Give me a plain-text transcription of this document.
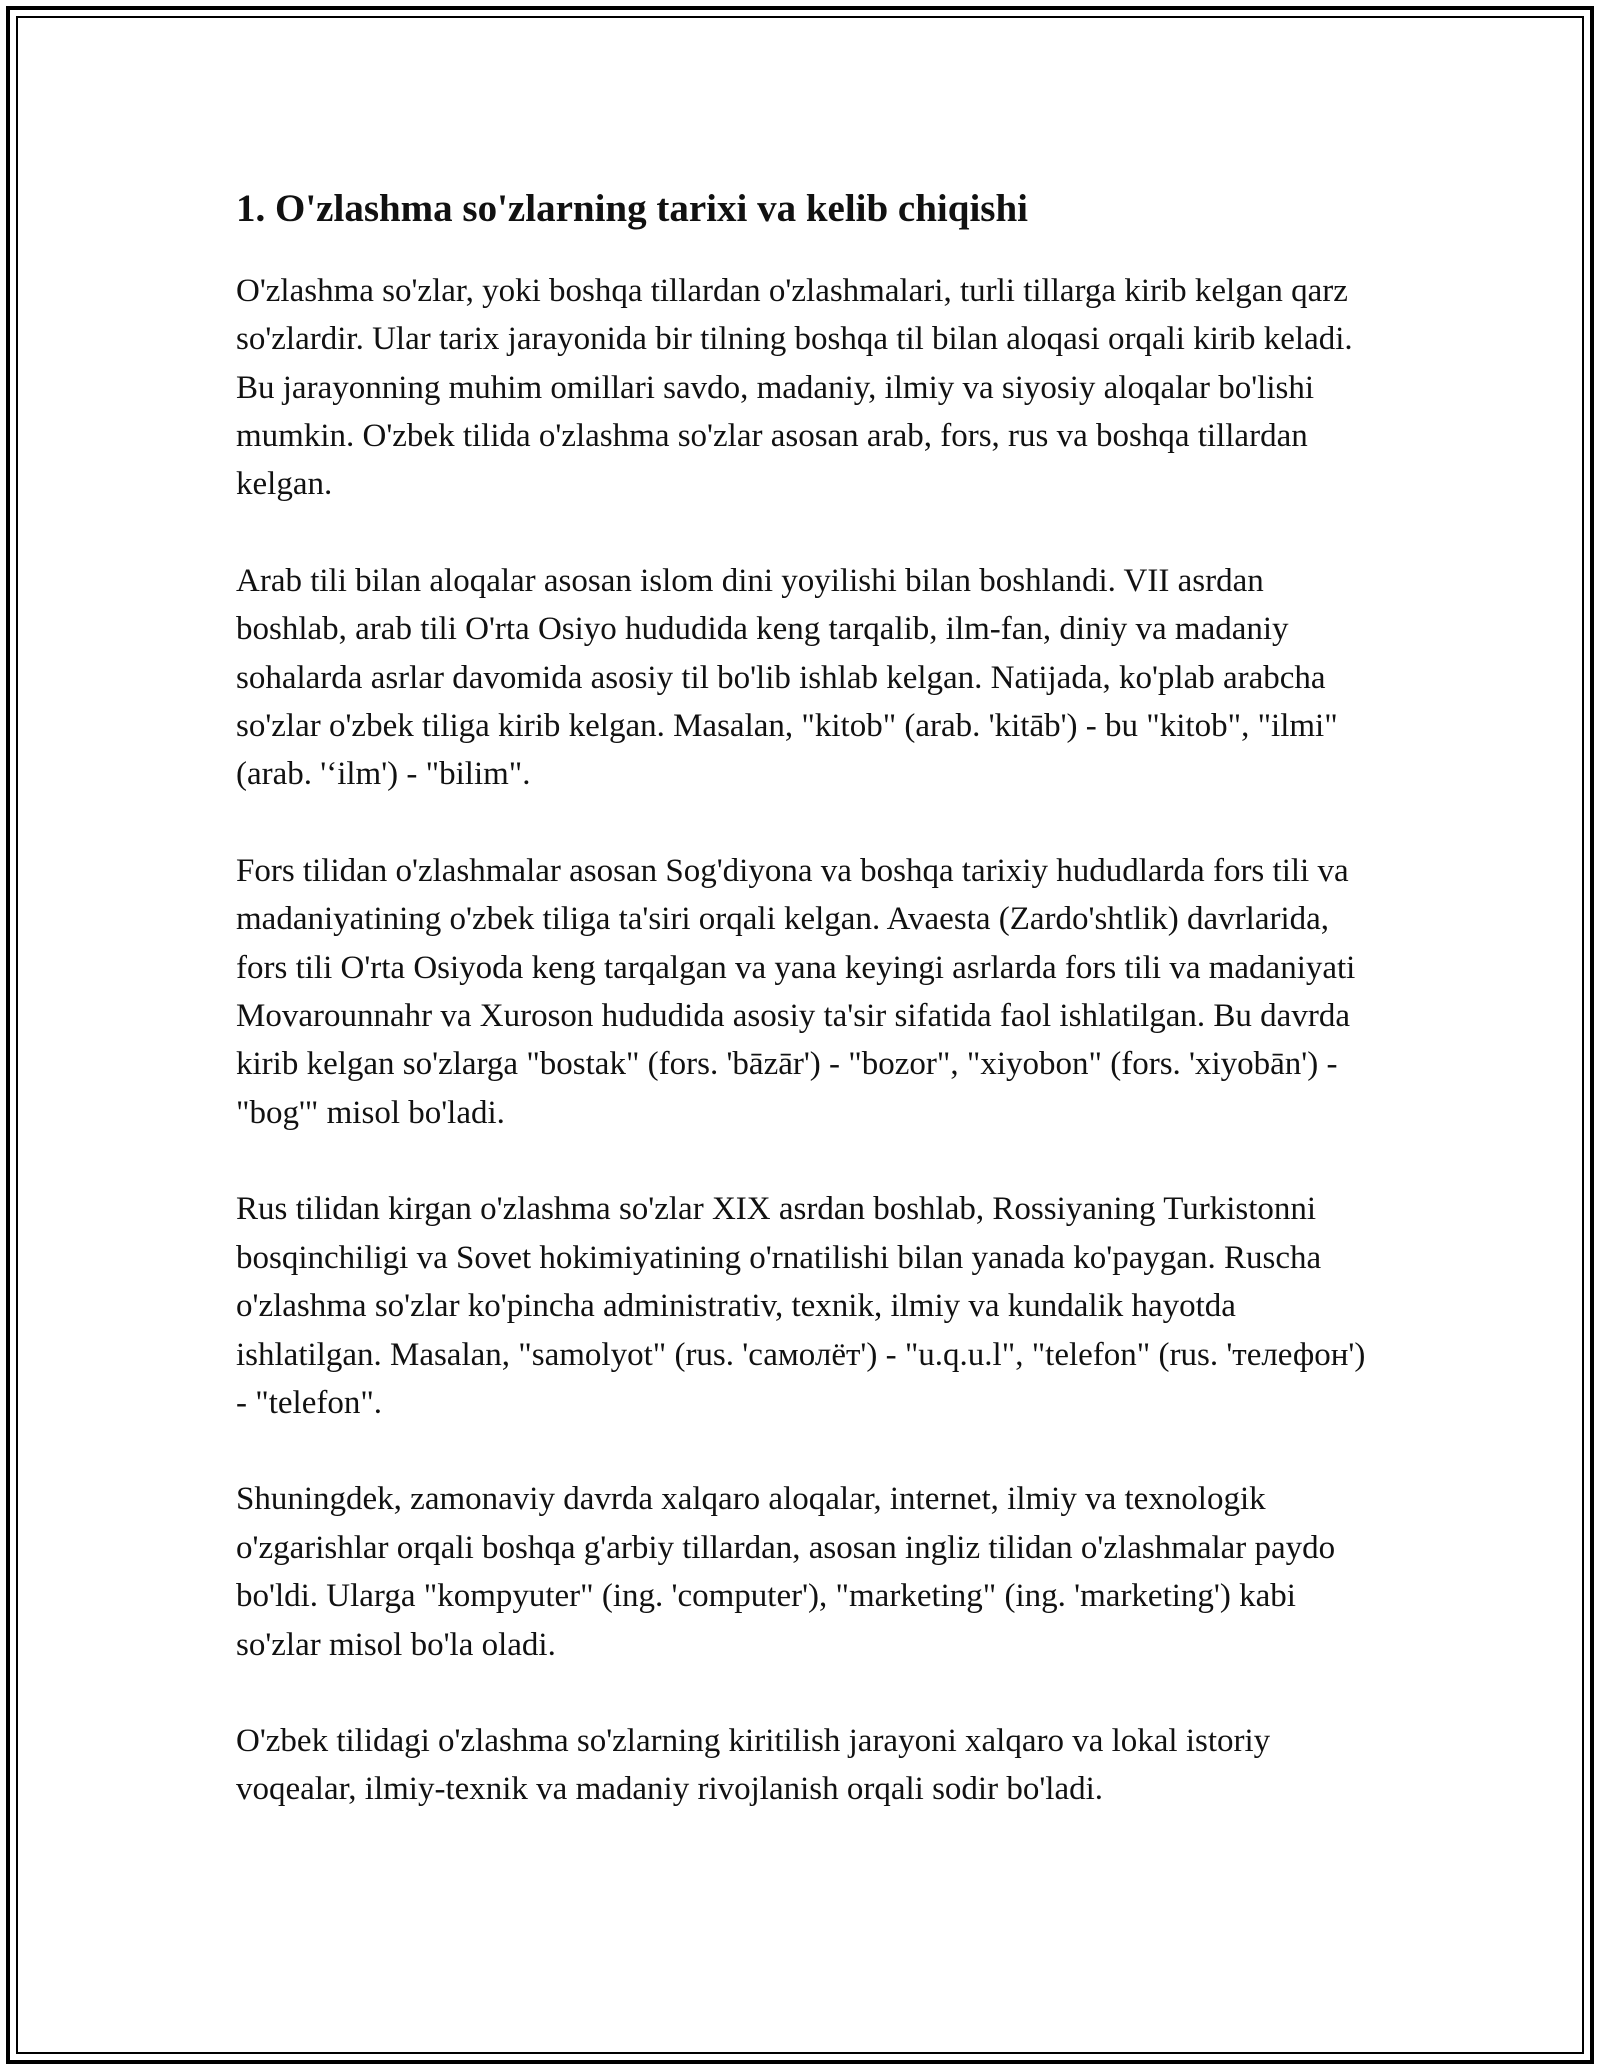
1. O'zlashma so'zlarning tarixi va kelib chiqishi

O'zlashma so'zlar, yoki boshqa tillardan o'zlashmalari, turli tillarga kirib kelgan qarz so'zlardir. Ular tarix jarayonida bir tilning boshqa til bilan aloqasi orqali kirib keladi. Bu jarayonning muhim omillari savdo, madaniy, ilmiy va siyosiy aloqalar bo'lishi mumkin. O'zbek tilida o'zlashma so'zlar asosan arab, fors, rus va boshqa tillardan kelgan.

Arab tili bilan aloqalar asosan islom dini yoyilishi bilan boshlandi. VII asrdan boshlab, arab tili O'rta Osiyo hududida keng tarqalib, ilm-fan, diniy va madaniy sohalarda asrlar davomida asosiy til bo'lib ishlab kelgan. Natijada, ko'plab arabcha so'zlar o'zbek tiliga kirib kelgan. Masalan, "kitob" (arab. 'kitāb') - bu "kitob", "ilmi" (arab. '‘ilm') - "bilim".

Fors tilidan o'zlashmalar asosan Sog'diyona va boshqa tarixiy hududlarda fors tili va madaniyatining o'zbek tiliga ta'siri orqali kelgan. Avaesta (Zardo'shtlik) davrlarida, fors tili O'rta Osiyoda keng tarqalgan va yana keyingi asrlarda fors tili va madaniyati Movarounnahr va Xuroson hududida asosiy ta'sir sifatida faol ishlatilgan. Bu davrda kirib kelgan so'zlarga "bostak" (fors. 'bāzār') - "bozor", "xiyobon" (fors. 'xiyobān') - "bog'" misol bo'ladi.

Rus tilidan kirgan o'zlashma so'zlar XIX asrdan boshlab, Rossiyaning Turkistonni bosqinchiligi va Sovet hokimiyatining o'rnatilishi bilan yanada ko'paygan. Ruscha o'zlashma so'zlar ko'pincha administrativ, texnik, ilmiy va kundalik hayotda ishlatilgan. Masalan, "samolyot" (rus. 'самолёт') - "u.q.u.l", "telefon" (rus. 'телефон') - "telefon".

Shuningdek, zamonaviy davrda xalqaro aloqalar, internet, ilmiy va texnologik o'zgarishlar orqali boshqa g'arbiy tillardan, asosan ingliz tilidan o'zlashmalar paydo bo'ldi. Ularga "kompyuter" (ing. 'computer'), "marketing" (ing. 'marketing') kabi so'zlar misol bo'la oladi.

O'zbek tilidagi o'zlashma so'zlarning kiritilish jarayoni xalqaro va lokal istoriy voqealar, ilmiy-texnik va madaniy rivojlanish orqali sodir bo'ladi.
